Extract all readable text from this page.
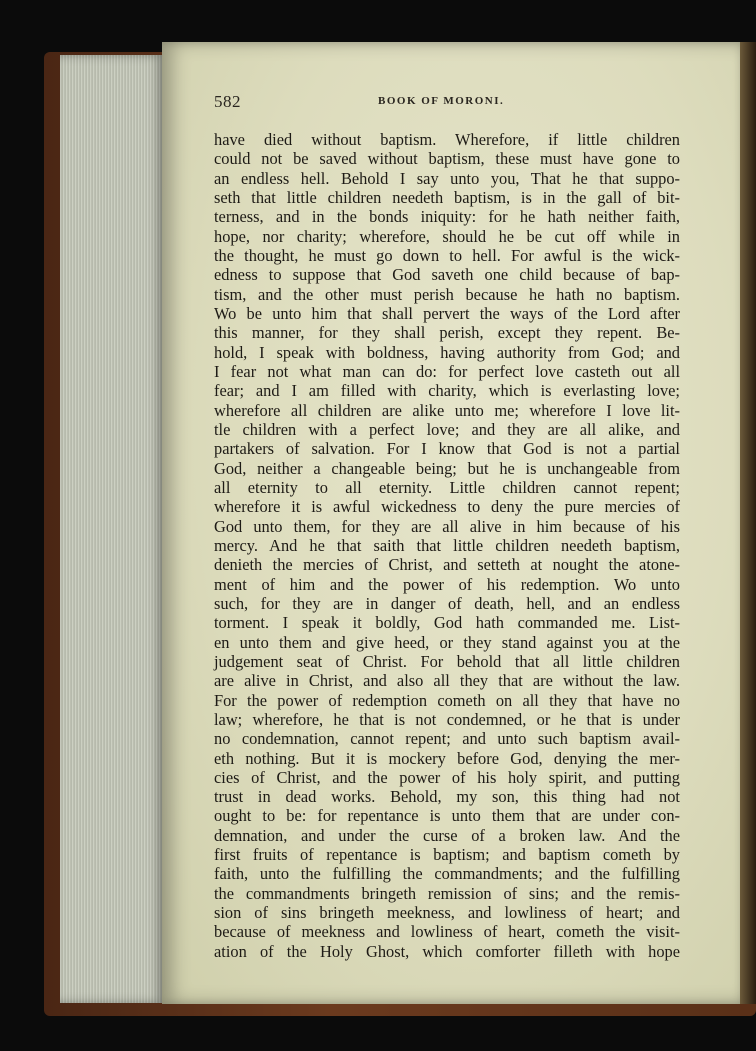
582	BOOK OF MORONI.
have died without baptism. Wherefore, if little children
could not be saved without baptism, these must have gone to
an endless hell. Behold I say unto you, That he that suppo-
seth that little children needeth baptism, is in the gall of bit-
terness, and in the bonds iniquity: for he hath neither faith,
hope, nor charity; wherefore, should he be cut off while in
the thought, he must go down to hell. For awful is the wick-
edness to suppose that God saveth one child because of bap-
tism, and the other must perish because he hath no baptism.
Wo be unto him that shall pervert the ways of the Lord after
this manner, for they shall perish, except they repent. Be-
hold, I speak with boldness, having authority from God; and
I fear not what man can do: for perfect love casteth out all
fear; and I am filled with charity, which is everlasting love;
wherefore all children are alike unto me; wherefore I love lit-
tle children with a perfect love; and they are all alike, and
partakers of salvation. For I know that God is not a partial
God, neither a changeable being; but he is unchangeable from
all eternity to all eternity. Little children cannot repent;
wherefore it is awful wickedness to deny the pure mercies of
God unto them, for they are all alive in him because of his
mercy. And he that saith that little children needeth baptism,
denieth the mercies of Christ, and setteth at nought the atone-
ment of him and the power of his redemption. Wo unto
such, for they are in danger of death, hell, and an endless
torment. I speak it boldly, God hath commanded me. List-
en unto them and give heed, or they stand against you at the
judgement seat of Christ. For behold that all little children
are alive in Christ, and also all they that are without the law.
For the power of redemption cometh on all they that have no
law; wherefore, he that is not condemned, or he that is under
no condemnation, cannot repent; and unto such baptism avail-
eth nothing. But it is mockery before God, denying the mer-
cies of Christ, and the power of his holy spirit, and putting
trust in dead works. Behold, my son, this thing had not
ought to be: for repentance is unto them that are under con-
demnation, and under the curse of a broken law. And the
first fruits of repentance is baptism; and baptism cometh by
faith, unto the fulfilling the commandments; and the fulfilling
the commandments bringeth remission of sins; and the remis-
sion of sins bringeth meekness, and lowliness of heart; and
because of meekness and lowliness of heart, cometh the visit-
ation of the Holy Ghost, which comforter filleth with hope
